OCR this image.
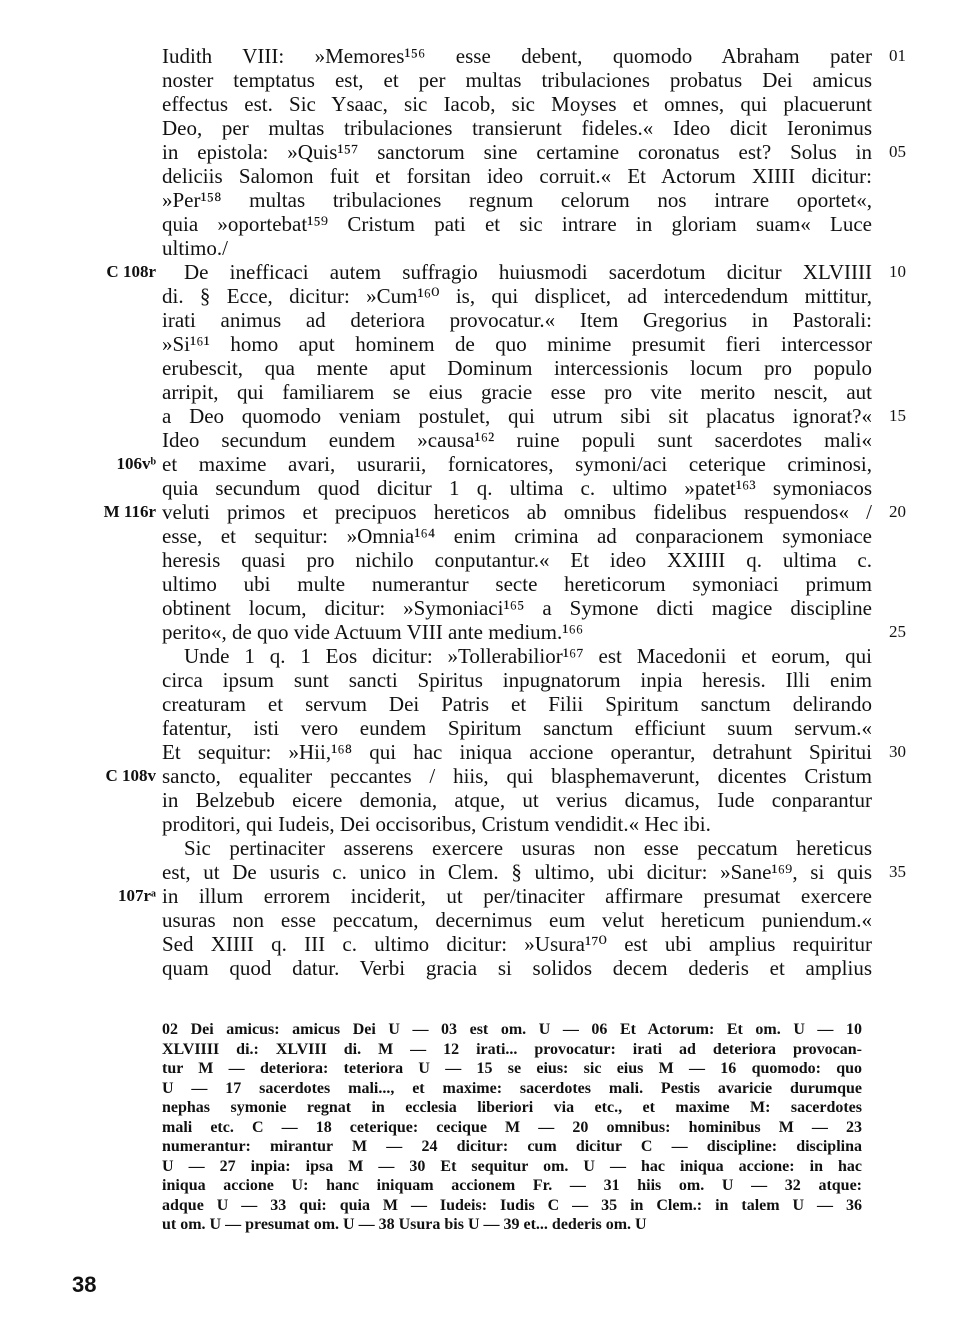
Iudith VIII: »Memores¹⁵⁶ esse debent, quomodo Abraham pater
noster temptatus est, et per multas tribulaciones probatus Dei amicus
effectus est. Sic Ysaac, sic Iacob, sic Moyses et omnes, qui placuerunt
Deo, per multas tribulaciones transierunt fideles.« Ideo dicit Ieronimus
in epistola: »Quis¹⁵⁷ sanctorum sine certamine coronatus est? Solus in
deliciis Salomon fuit et forsitan ideo corruit.« Et Actorum XIIII dicitur:
»Per¹⁵⁸ multas tribulaciones regnum celorum nos intrare oportet«,
quia »oportebat¹⁵⁹ Cristum pati et sic intrare in gloriam suam« Luce
ultimo./
De inefficaci autem suffragio huiusmodi sacerdotum dicitur XLVIIII
di. § Ecce, dicitur: »Cum¹⁶⁰ is, qui displicet, ad intercedendum mittitur,
irati animus ad deteriora provocatur.« Item Gregorius in Pastorali:
»Si¹⁶¹ homo aput hominem de quo minime presumit fieri intercessor
erubescit, qua mente aput Dominum intercessionis locum pro populo
arripit, qui familiarem se eius gracie esse pro vite merito nescit, aut
a Deo quomodo veniam postulet, qui utrum sibi sit placatus ignorat?«
Ideo secundum eundem »causa¹⁶² ruine populi sunt sacerdotes mali«
et maxime avari, usurarii, fornicatores, symoni/aci ceterique criminosi,
quia secundum quod dicitur 1 q. ultima c. ultimo »patet¹⁶³ symoniacos
veluti primos et precipuos hereticos ab omnibus fidelibus respuendos« /
esse, et sequitur: »Omnia¹⁶⁴ enim crimina ad conparacionem symoniace
heresis quasi pro nichilo conputantur.« Et ideo XXIIII q. ultima c.
ultimo ubi multe numerantur secte hereticorum symoniaci primum
obtinent locum, dicitur: »Symoniaci¹⁶⁵ a Symone dicti magice discipline
perito«, de quo vide Actuum VIII ante medium.¹⁶⁶
Unde 1 q. 1 Eos dicitur: »Tollerabilior¹⁶⁷ est Macedonii et eorum, qui
circa ipsum sunt sancti Spiritus inpugnatorum inpia heresis. Illi enim
creaturam et servum Dei Patris et Filii Spiritum sanctum delirando
fatentur, isti vero eundem Spiritum sanctum efficiunt suum servum.«
Et sequitur: »Hii,¹⁶⁸ qui hac iniqua accione operantur, detrahunt Spiritui
sancto, equaliter peccantes / hiis, qui blasphemaverunt, dicentes Cristum
in Belzebub eicere demonia, atque, ut verius dicamus, Iude conparantur
proditori, qui Iudeis, Dei occisoribus, Cristum vendidit.« Hec ibi.
Sic pertinaciter asserens exercere usuras non esse peccatum hereticus
est, ut De usuris c. unico in Clem. § ultimo, ubi dicitur: »Sane¹⁶⁹, si quis
in illum errorem inciderit, ut per/tinaciter affirmare presumat exercere
usuras non esse peccatum, decernimus eum velut hereticum puniendum.«
Sed XIIII q. III c. ultimo dicitur: »Usura¹⁷⁰ est ubi amplius requiritur
quam quod datur. Verbi gracia si solidos decem dederis et amplius
C 108r
106vᵇ
M 116r
C 108v
107rᵃ
01
05
10
15
20
25
30
35
02 Dei amicus: amicus Dei U — 03 est om. U — 06 Et Actorum: Et om. U — 10
XLVIIII di.: XLVIII di. M — 12 irati... provocatur: irati ad deteriora provocan-
tur M — deteriora: teteriora U — 15 se eius: sic eius M — 16 quomodo: quo
U — 17 sacerdotes mali..., et maxime: sacerdotes mali. Pestis avaricie durumque
nephas symonie regnat in ecclesia liberiori via etc., et maxime M: sacerdotes
mali etc. C — 18 ceterique: cecique M — 20 omnibus: hominibus M — 23
numerantur: mirantur M — 24 dicitur: cum dicitur C — discipline: disciplina
U — 27 inpia: ipsa M — 30 Et sequitur om. U — hac iniqua accione: in hac
iniqua accione U: hanc iniquam accionem Fr. — 31 hiis om. U — 32 atque:
adque U — 33 qui: quia M — Iudeis: Iudis C — 35 in Clem.: in talem U — 36
ut om. U — presumat om. U — 38 Usura bis U — 39 et... dederis om. U
38
